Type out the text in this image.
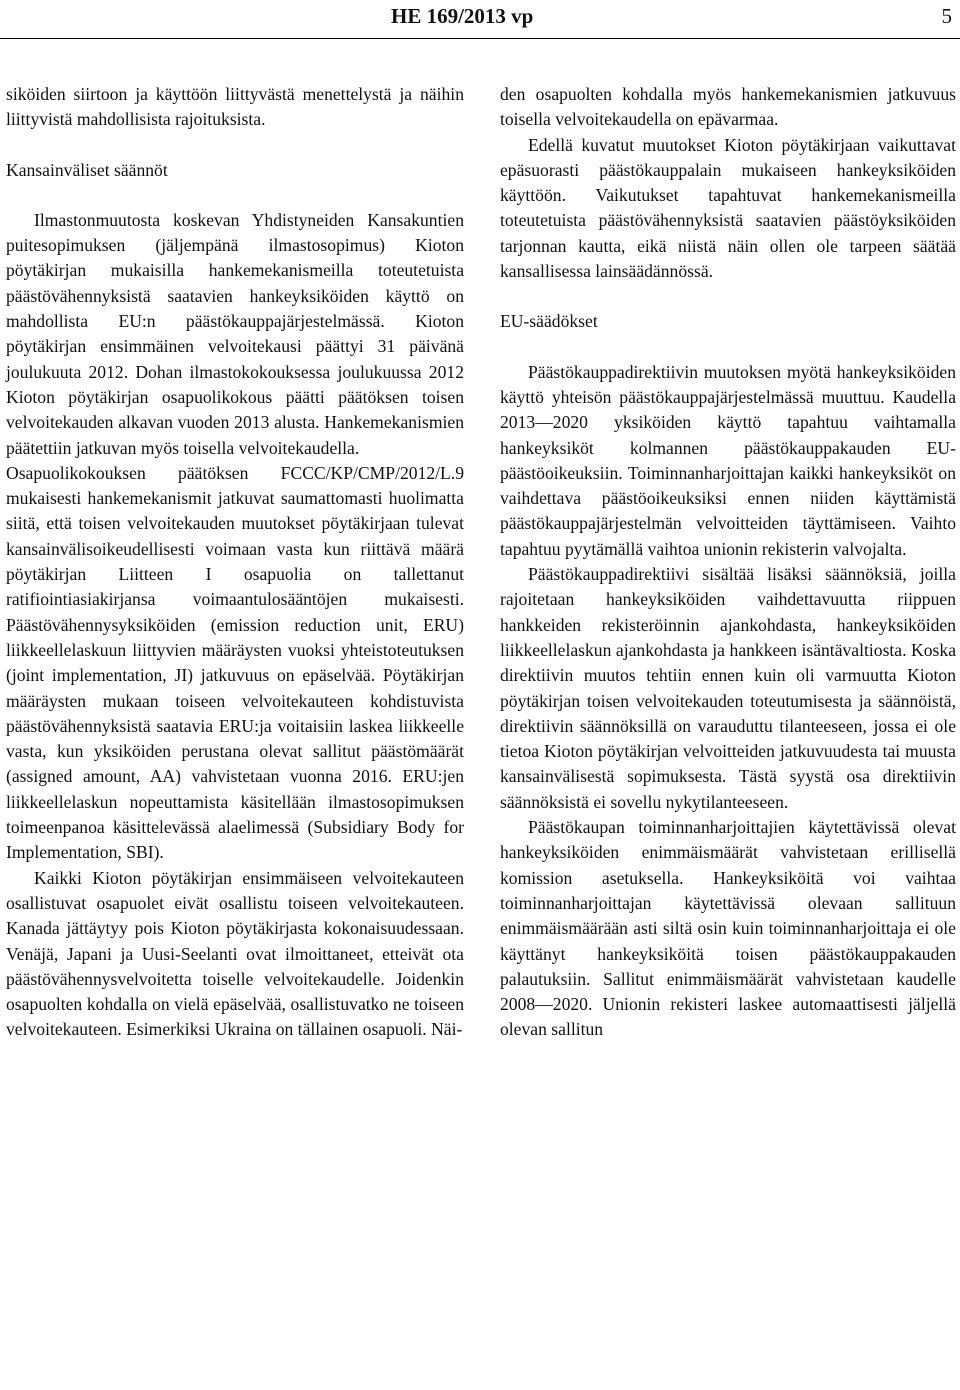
HE 169/2013 vp	5

siköiden siirtoon ja käyttöön liittyvästä menettelystä ja näihin liittyvistä mahdollisista rajoituksista.

Kansainväliset säännöt

Ilmastonmuutosta koskevan Yhdistyneiden Kansakuntien puitesopimuksen (jäljempänä ilmastosopimus) Kioton pöytäkirjan mukaisilla hankemekanismeilla toteutetuista päästövähennyksistä saatavien hankeyksiköiden käyttö on mahdollista EU:n päästökauppajärjestelmässä. Kioton pöytäkirjan ensimmäinen velvoitekausi päättyi 31 päivänä joulukuuta 2012. Dohan ilmastokokouksessa joulukuussa 2012 Kioton pöytäkirjan osapuolikokous päätti päätöksen toisen velvoitekauden alkavan vuoden 2013 alusta. Hankemekanismien päätettiin jatkuvan myös toisella velvoitekaudella.

Osapuolikokouksen päätöksen FCCC/KP/CMP/2012/L.9 mukaisesti hankemekanismit jatkuvat saumattomasti huolimatta siitä, että toisen velvoitekauden muutokset pöytäkirjaan tulevat kansainvälisoikeudellisesti voimaan vasta kun riittävä määrä pöytäkirjan Liitteen I osapuolia on tallettanut ratifiointiasiakirjansa voimaantulosääntöjen mukaisesti. Päästövähennysyksiköiden (emission reduction unit, ERU) liikkeellelaskuun liittyvien määräysten vuoksi yhteistoteutuksen (joint implementation, JI) jatkuvuus on epäselvää. Pöytäkirjan määräysten mukaan toiseen velvoitekauteen kohdistuvista päästövähennyksistä saatavia ERU:ja voitaisiin laskea liikkeelle vasta, kun yksiköiden perustana olevat sallitut päästömäärät (assigned amount, AA) vahvistetaan vuonna 2016. ERU:jen liikkeellelaskun nopeuttamista käsitellään ilmastosopimuksen toimeenpanoa käsittelevässä alaelimessä (Subsidiary Body for Implementation, SBI).

Kaikki Kioton pöytäkirjan ensimmäiseen velvoitekauteen osallistuvat osapuolet eivät osallistu toiseen velvoitekauteen. Kanada jättäytyy pois Kioton pöytäkirjasta kokonaisuudessaan. Venäjä, Japani ja Uusi-Seelanti ovat ilmoittaneet, etteivät ota päästövähennysvelvoitetta toiselle velvoitekaudelle. Joidenkin osapuolten kohdalla on vielä epäselvää, osallistuvatko ne toiseen velvoitekauteen. Esimerkiksi Ukraina on tällainen osapuoli. Näi-

den osapuolten kohdalla myös hankemekanismien jatkuvuus toisella velvoitekaudella on epävarmaa.

Edellä kuvatut muutokset Kioton pöytäkirjaan vaikuttavat epäsuorasti päästökauppalain mukaiseen hankeyksiköiden käyttöön. Vaikutukset tapahtuvat hankemekanismeilla toteutetuista päästövähennyksistä saatavien päästöyksiköiden tarjonnan kautta, eikä niistä näin ollen ole tarpeen säätää kansallisessa lainsäädännössä.

EU-säädökset

Päästökauppadirektiivin muutoksen myötä hankeyksiköiden käyttö yhteisön päästökauppajärjestelmässä muuttuu. Kaudella 2013—2020 yksiköiden käyttö tapahtuu vaihtamalla hankeyksiköt kolmannen päästökauppakauden EU-päästöoikeuksiin. Toiminnanharjoittajan kaikki hankeyksiköt on vaihdettava päästöoikeuksiksi ennen niiden käyttämistä päästökauppajärjestelmän velvoitteiden täyttämiseen. Vaihto tapahtuu pyytämällä vaihtoa unionin rekisterin valvojalta.

Päästökauppadirektiivi sisältää lisäksi säännöksiä, joilla rajoitetaan hankeyksiköiden vaihdettavuutta riippuen hankkeiden rekisteröinnin ajankohdasta, hankeyksiköiden liikkeellelaskun ajankohdasta ja hankkeen isäntävaltiosta. Koska direktiivin muutos tehtiin ennen kuin oli varmuutta Kioton pöytäkirjan toisen velvoitekauden toteutumisesta ja säännöistä, direktiivin säännöksillä on varauduttu tilanteeseen, jossa ei ole tietoa Kioton pöytäkirjan velvoitteiden jatkuvuudesta tai muusta kansainvälisestä sopimuksesta. Tästä syystä osa direktiivin säännöksistä ei sovellu nykytilanteeseen.

Päästökaupan toiminnanharjoittajien käytettävissä olevat hankeyksiköiden enimmäismäärät vahvistetaan erillisellä komission asetuksella. Hankeyksiköitä voi vaihtaa toiminnanharjoittajan käytettävissä olevaan sallituun enimmäismäärään asti siltä osin kuin toiminnanharjoittaja ei ole käyttänyt hankeyksiköitä toisen päästökauppakauden palautuksiin. Sallitut enimmäismäärät vahvistetaan kaudelle 2008—2020. Unionin rekisteri laskee automaattisesti jäljellä olevan sallitun
